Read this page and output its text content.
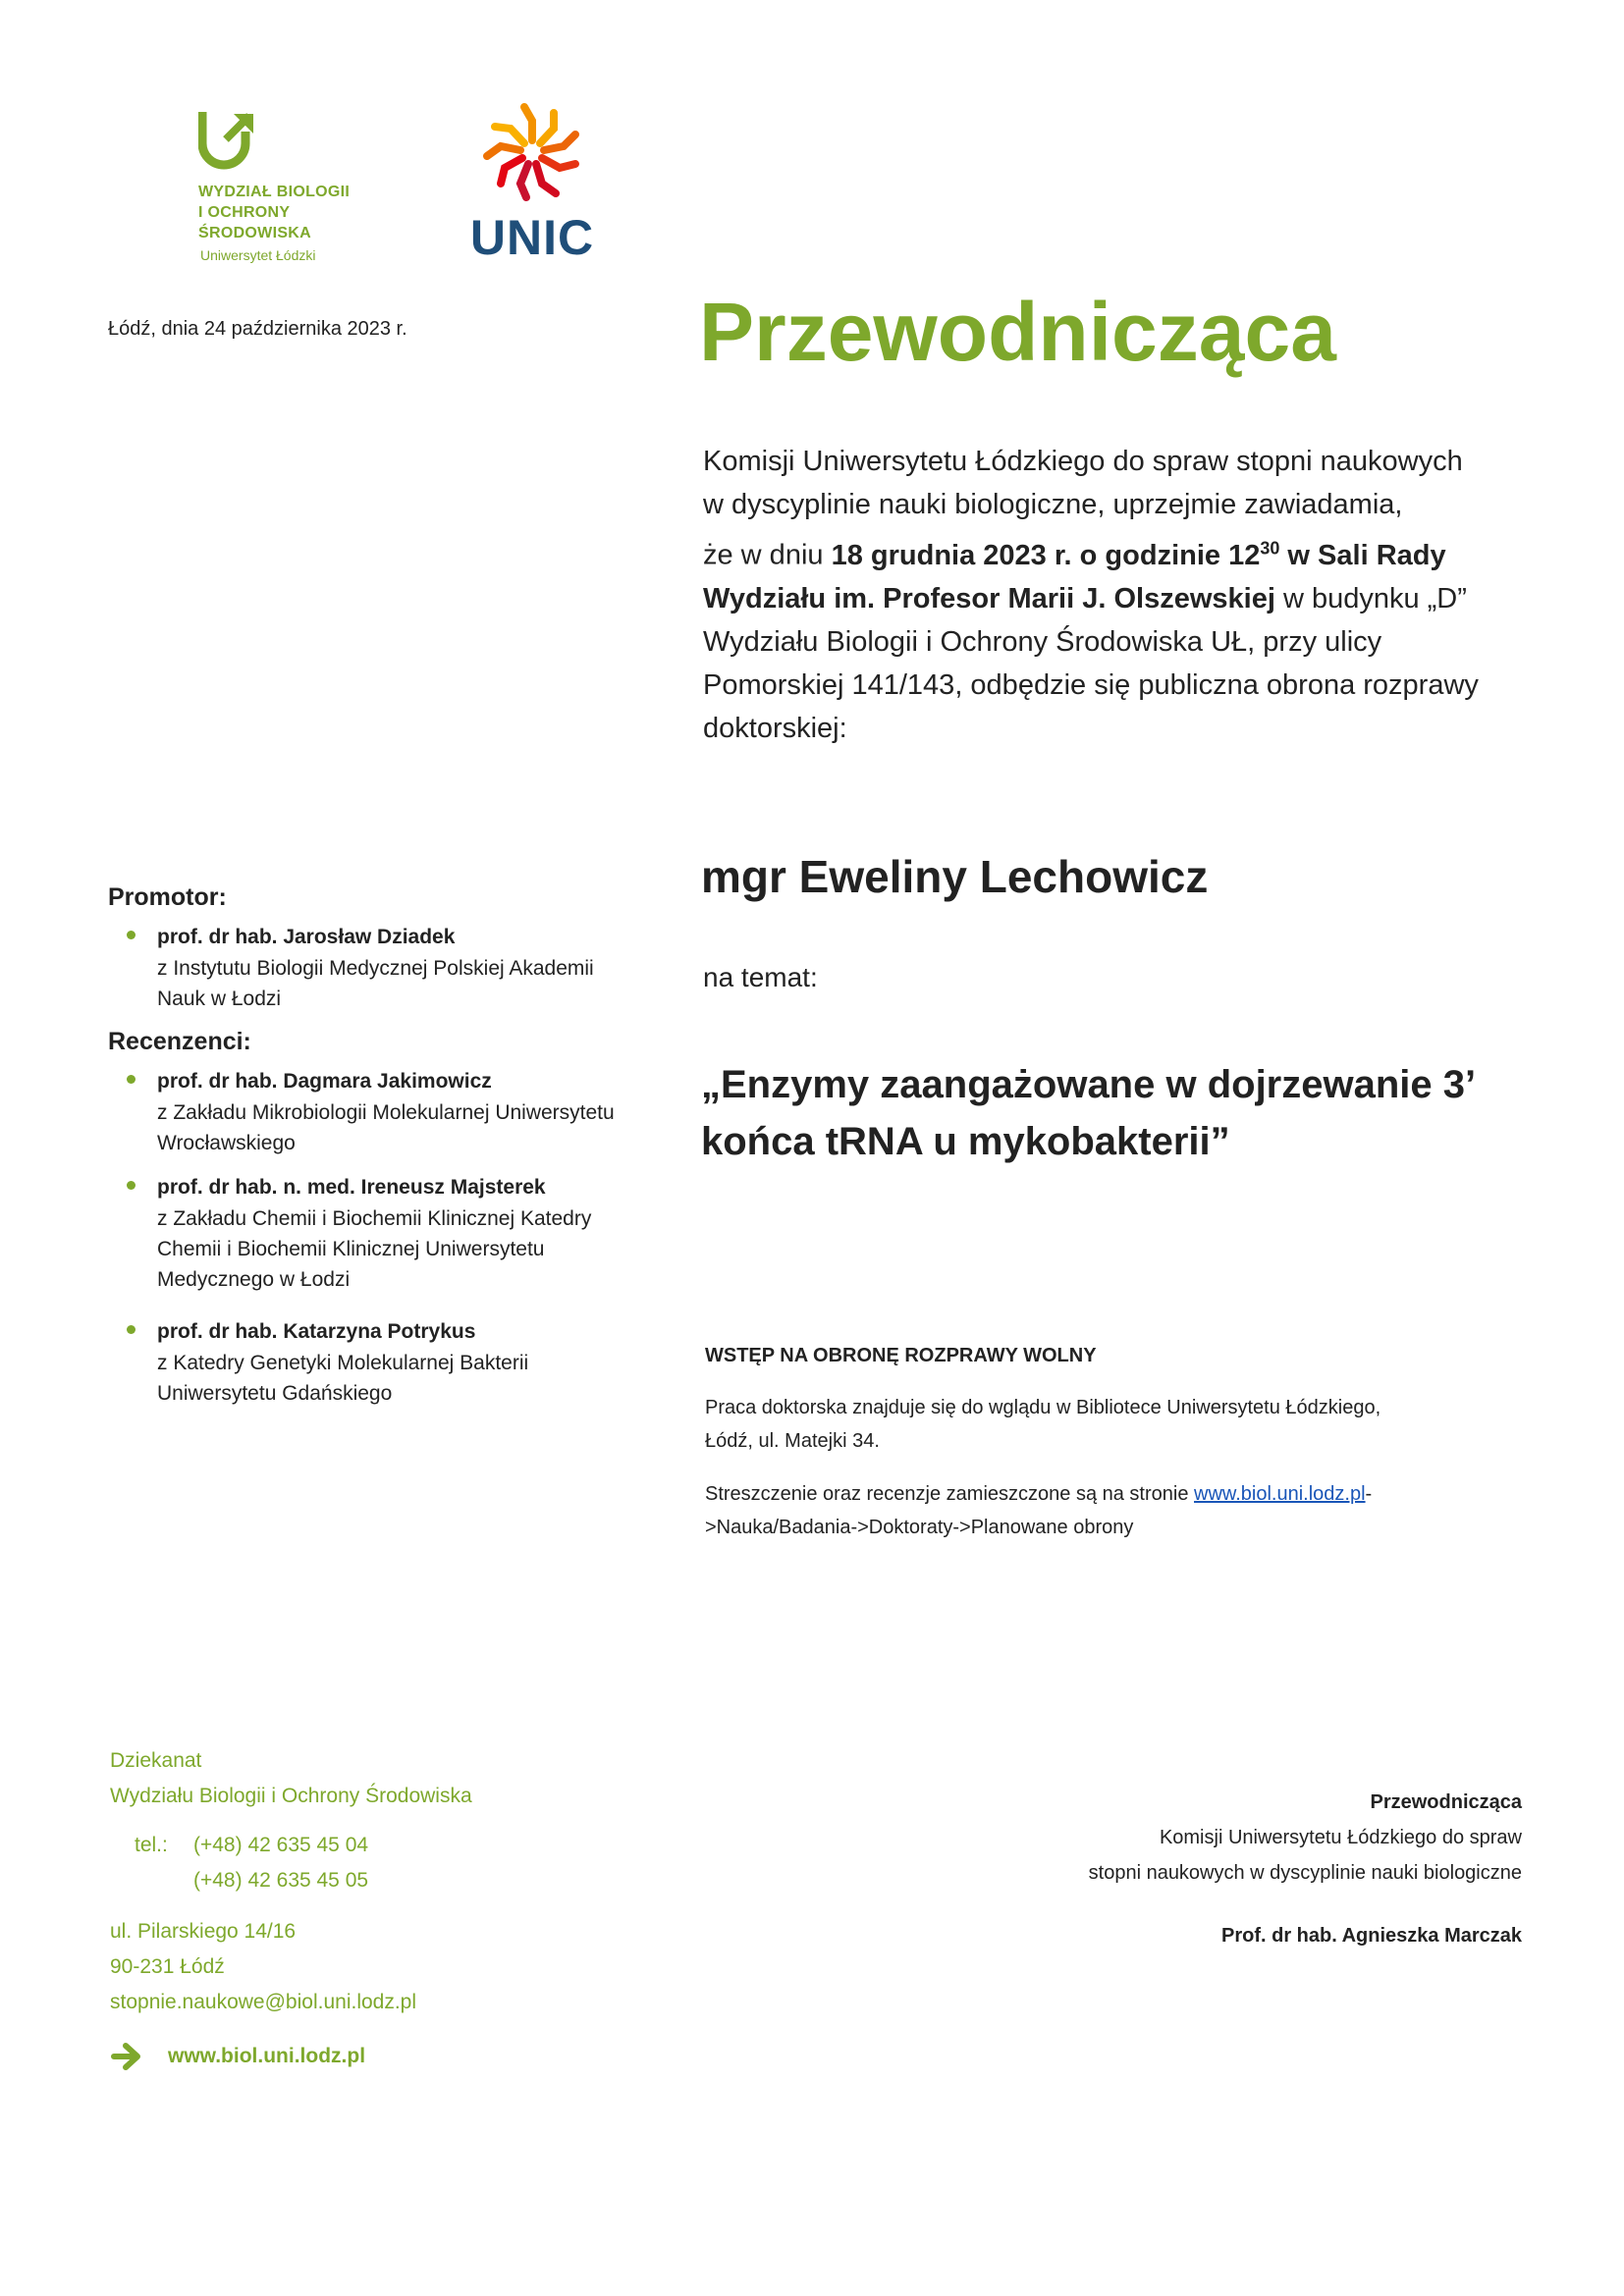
WYDZIAŁ BIOLOGII
I OCHRONY
ŚRODOWISKA
Uniwersytet Łódzki	UNIC
Łódź, dnia 24 października 2023 r.	Przewodnicząca

Komisji Uniwersytetu Łódzkiego do spraw stopni naukowych

w dyscyplinie nauki biologiczne, uprzejmie zawiadamia,

że w dniu 18 grudnia 2023 r. o godzinie $12^{30}$ w Sali Rady

Wydziału im. Profesor Marii J. Olszewskiej w budynku „D”

Wydziału Biologii i Ochrony Środowiska UŁ, przy ulicy

Pomorskiej 141/143, odbędzie się publiczna obrona rozprawy

doktorskiej:

mgr Eweliny Lechowicz
na temat:
„Enzymy zaangażowane w dojrzewanie 3’
końca tRNA u mykobakterii”
Promotor:
prof. dr hab. Jarosław Dziadek
z Instytutu Biologii Medycznej Polskiej Akademii
Nauk w Łodzi
Recenzenci:
prof. dr hab. Dagmara Jakimowicz
z Zakładu Mikrobiologii Molekularnej Uniwersytetu
Wrocławskiego
prof. dr hab. n. med. Ireneusz Majsterek
z Zakładu Chemii i Biochemii Klinicznej Katedry
Chemii i Biochemii Klinicznej Uniwersytetu
Medycznego w Łodzi
prof. dr hab. Katarzyna Potrykus
z Katedry Genetyki Molekularnej Bakterii
Uniwersytetu Gdańskiego
WSTĘP NA OBRONĘ ROZPRAWY WOLNY
Praca doktorska znajduje się do wglądu w Bibliotece Uniwersytetu Łódzkiego,
Łódź, ul. Matejki 34.
Streszczenie oraz recenzje zamieszczone są na stronie www.biol.uni.lodz.pl-
>Nauka/Badania->Doktoraty->Planowane obrony
Dziekanat
Wydziału Biologii i Ochrony Środowiska
tel.:	(+48) 42 635 45 04
(+48) 42 635 45 05
ul. Pilarskiego 14/16
90-231 Łódź
stopnie.naukowe@biol.uni.lodz.pl
www.biol.uni.lodz.pl
Przewodnicząca
Komisji Uniwersytetu Łódzkiego do spraw
stopni naukowych w dyscyplinie nauki biologiczne
Prof. dr hab. Agnieszka Marczak
